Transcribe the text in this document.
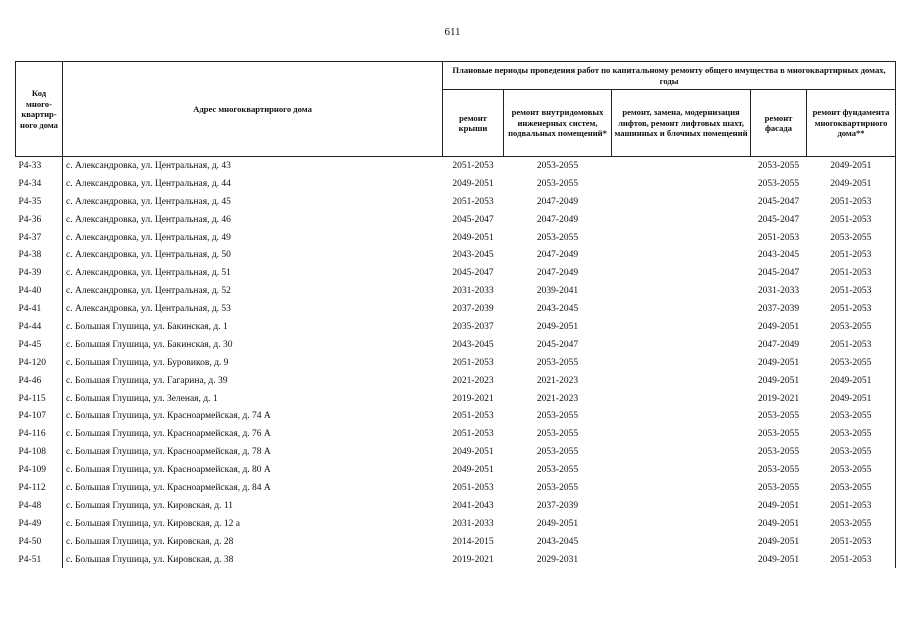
611
Код много-квартир-ного дома	Адрес многоквартирного дома	Плановые периоды проведения работ по капитальному ремонту общего имущества в многоквартирных домах, годы				
		ремонт крыши	ремонт внутридомовых инженерных систем, подвальных помещений*	ремонт, замена, модернизация лифтов, ремонт лифтовых шахт, машинных и блочных помещений	ремонт фасада	ремонт фундамента многоквартирного дома**
Р4-33	с. Александровка, ул. Центральная, д. 43	2051-2053	2053-2055		2053-2055	2049-2051
Р4-34	с. Александровка, ул. Центральная, д. 44	2049-2051	2053-2055		2053-2055	2049-2051
Р4-35	с. Александровка, ул. Центральная, д. 45	2051-2053	2047-2049		2045-2047	2051-2053
Р4-36	с. Александровка, ул. Центральная, д. 46	2045-2047	2047-2049		2045-2047	2051-2053
Р4-37	с. Александровка, ул. Центральная, д. 49	2049-2051	2053-2055		2051-2053	2053-2055
Р4-38	с. Александровка, ул. Центральная, д. 50	2043-2045	2047-2049		2043-2045	2051-2053
Р4-39	с. Александровка, ул. Центральная, д. 51	2045-2047	2047-2049		2045-2047	2051-2053
Р4-40	с. Александровка, ул. Центральная, д. 52	2031-2033	2039-2041		2031-2033	2051-2053
Р4-41	с. Александровка, ул. Центральная, д. 53	2037-2039	2043-2045		2037-2039	2051-2053
Р4-44	с. Большая Глушица, ул. Бакинская, д. 1	2035-2037	2049-2051		2049-2051	2053-2055
Р4-45	с. Большая Глушица, ул. Бакинская, д. 30	2043-2045	2045-2047		2047-2049	2051-2053
Р4-120	с. Большая Глушица, ул. Буровиков, д. 9	2051-2053	2053-2055		2049-2051	2053-2055
Р4-46	с. Большая Глушица, ул. Гагарина, д. 39	2021-2023	2021-2023		2049-2051	2049-2051
Р4-115	с. Большая Глушица, ул. Зеленая, д. 1	2019-2021	2021-2023		2019-2021	2049-2051
Р4-107	с. Большая Глушица, ул. Красноармейская, д. 74 А	2051-2053	2053-2055		2053-2055	2053-2055
Р4-116	с. Большая Глушица, ул. Красноармейская, д. 76 А	2051-2053	2053-2055		2053-2055	2053-2055
Р4-108	с. Большая Глушица, ул. Красноармейская, д. 78 А	2049-2051	2053-2055		2053-2055	2053-2055
Р4-109	с. Большая Глушица, ул. Красноармейская, д. 80 А	2049-2051	2053-2055		2053-2055	2053-2055
Р4-112	с. Большая Глушица, ул. Красноармейская, д. 84 А	2051-2053	2053-2055		2053-2055	2053-2055
Р4-48	с. Большая Глушица, ул. Кировская, д. 11	2041-2043	2037-2039		2049-2051	2051-2053
Р4-49	с. Большая Глушица, ул. Кировская, д. 12 а	2031-2033	2049-2051		2049-2051	2053-2055
Р4-50	с. Большая Глушица, ул. Кировская, д. 28	2014-2015	2043-2045		2049-2051	2051-2053
Р4-51	с. Большая Глушица, ул. Кировская, д. 38	2019-2021	2029-2031		2049-2051	2051-2053
